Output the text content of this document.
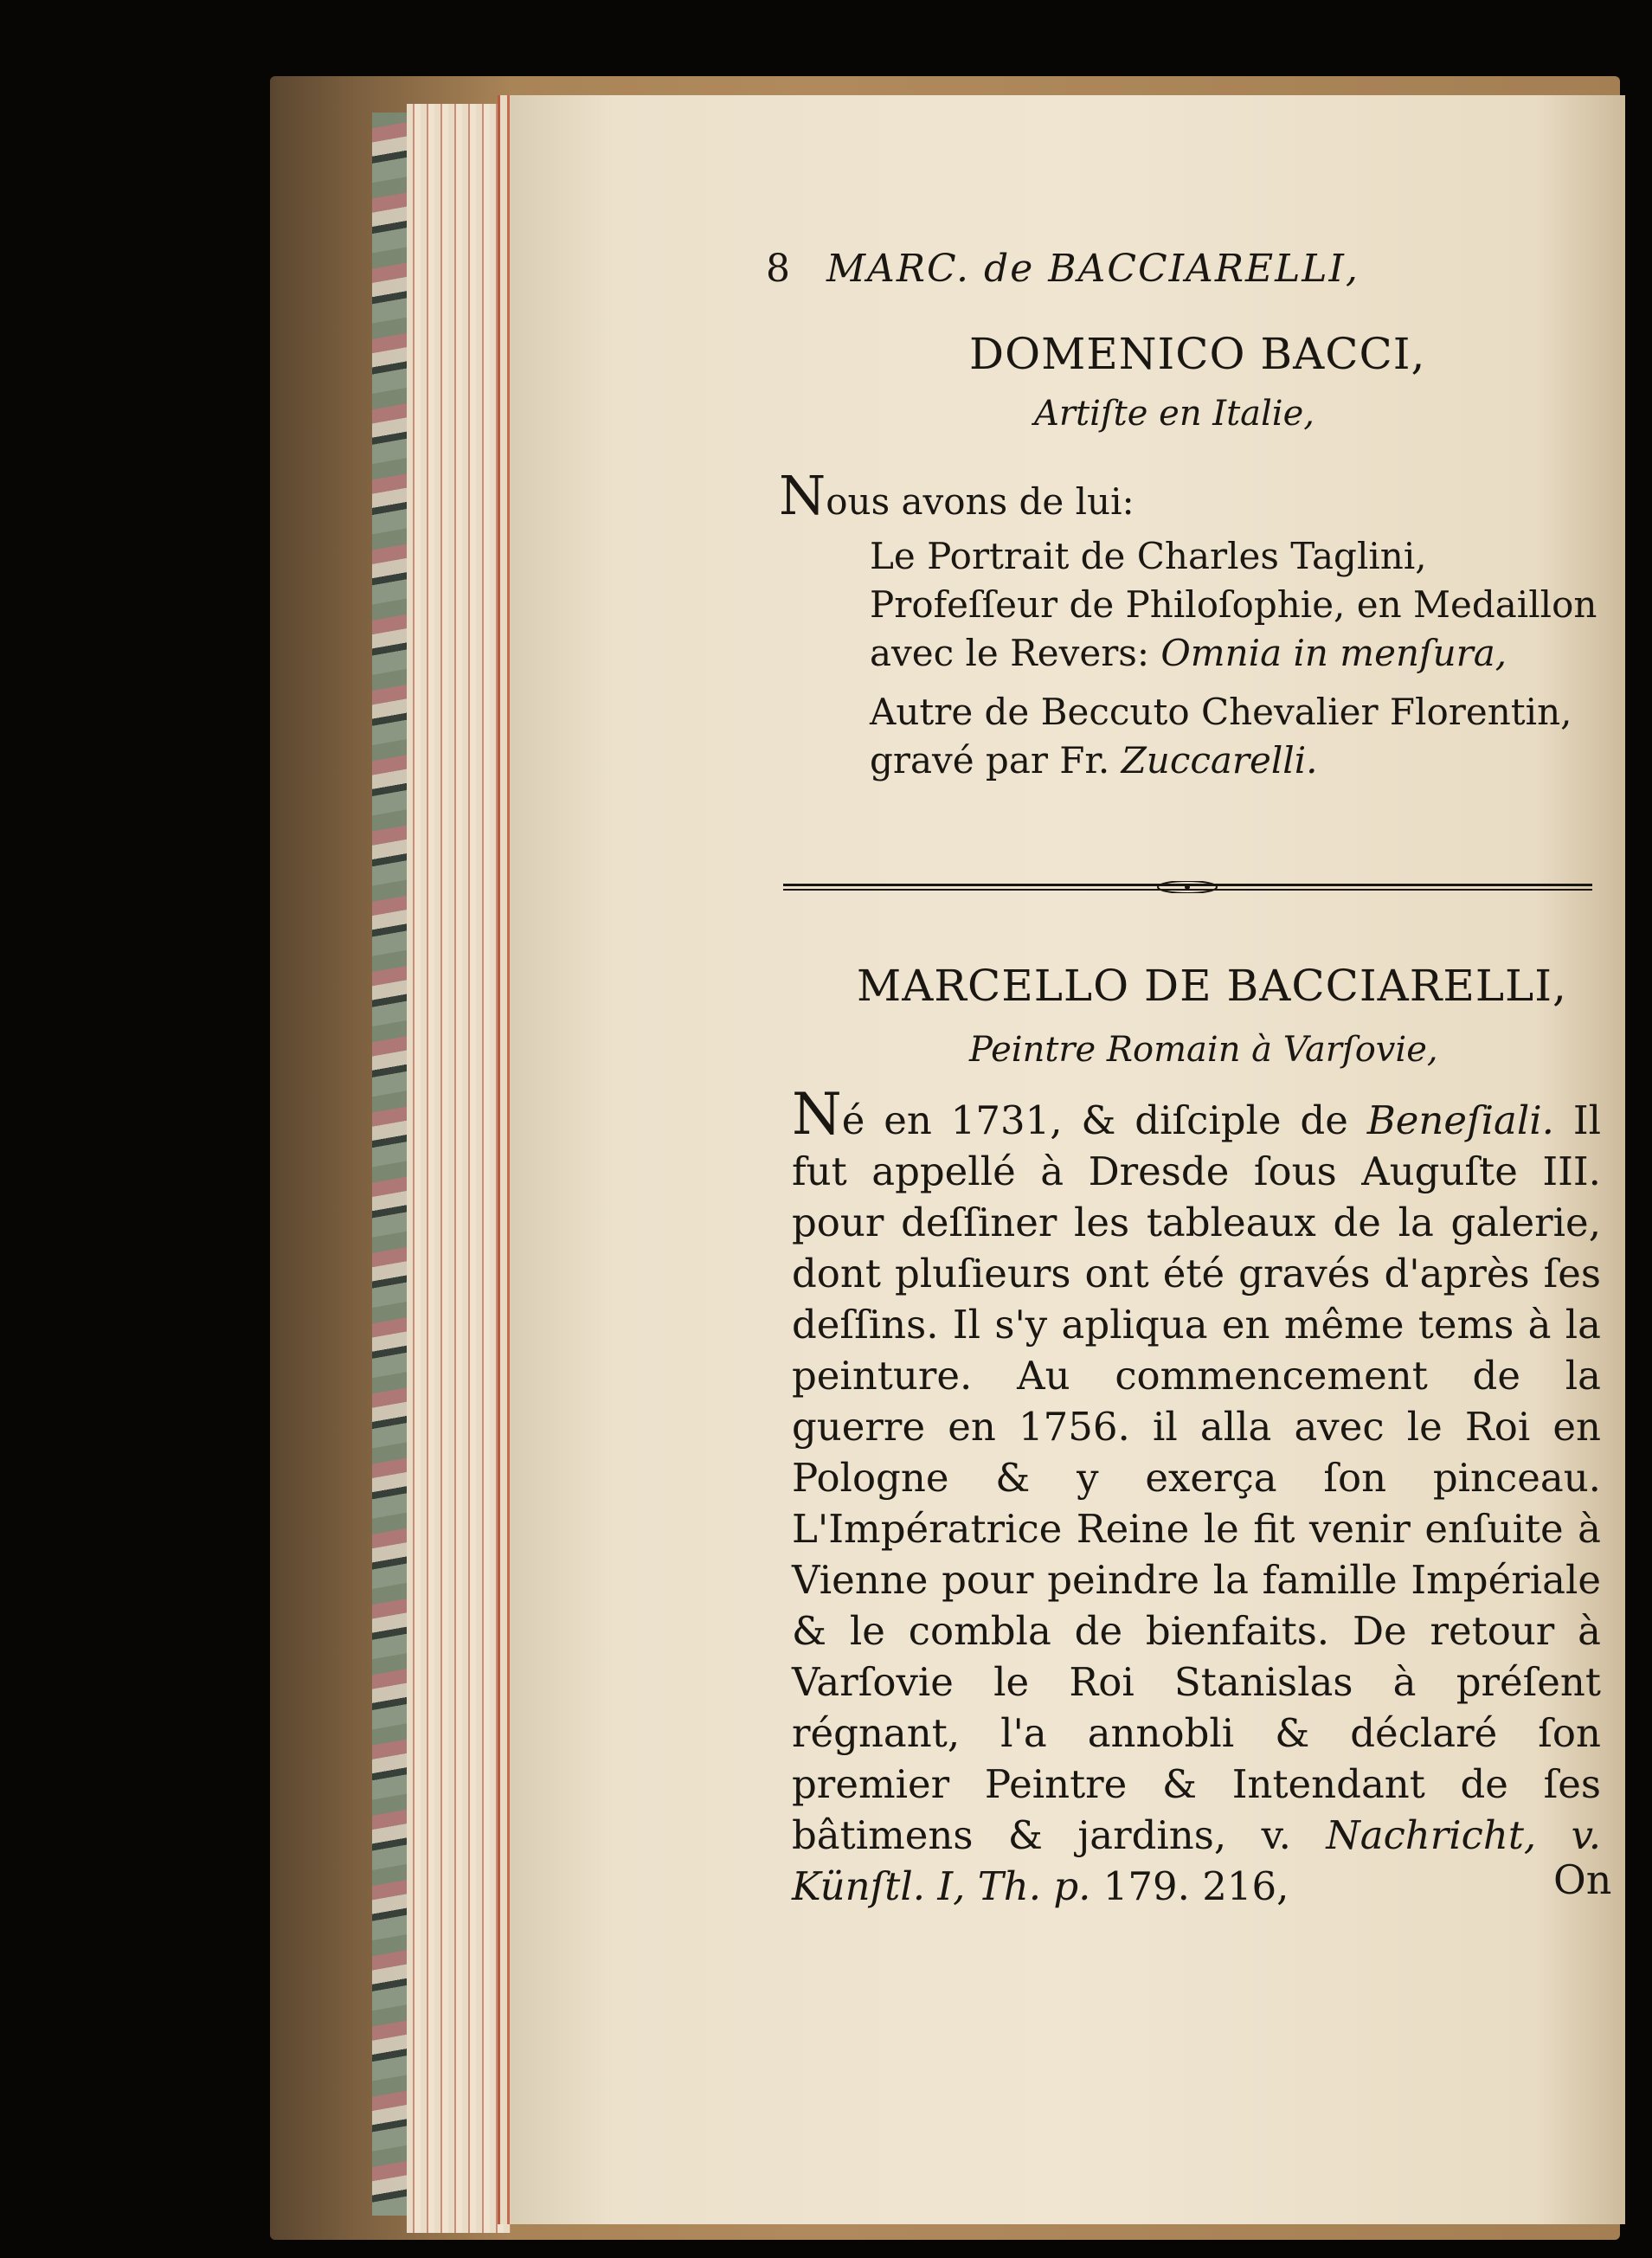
8 MARC. de BACCIARELLI,
DOMENICO BACCI,
Artiſte en Italie,
Nous avons de lui:
Le Portrait de Charles Taglini, Profeſſeur de Philoſophie, en Medaillon avec le Revers: Omnia in menſura,
Autre de Beccuto Chevalier Florentin, gravé par Fr. Zuccarelli.
MARCELLO DE BACCIARELLI,
Peintre Romain à Varſovie,
Né en 1731, & diſciple de Beneſiali. Il fut appellé à Dresde ſous Auguſte III. pour deſſiner les tableaux de la galerie, dont pluſieurs ont été gravés d'après ſes deſſins. Il s'y apliqua en même tems à la peinture. Au commencement de la guerre en 1756. il alla avec le Roi en Pologne & y exerça ſon pinceau. L'Impératrice Reine le fit venir enſuite à Vienne pour peindre la famille Impériale & le combla de bienfaits. De retour à Varſovie le Roi Stanislas à préſent régnant, l'a annobli & déclaré ſon premier Peintre & Intendant de ſes bâtimens & jardins, v. Nachricht, v. Künſtl. I, Th. p. 179. 216,	On
